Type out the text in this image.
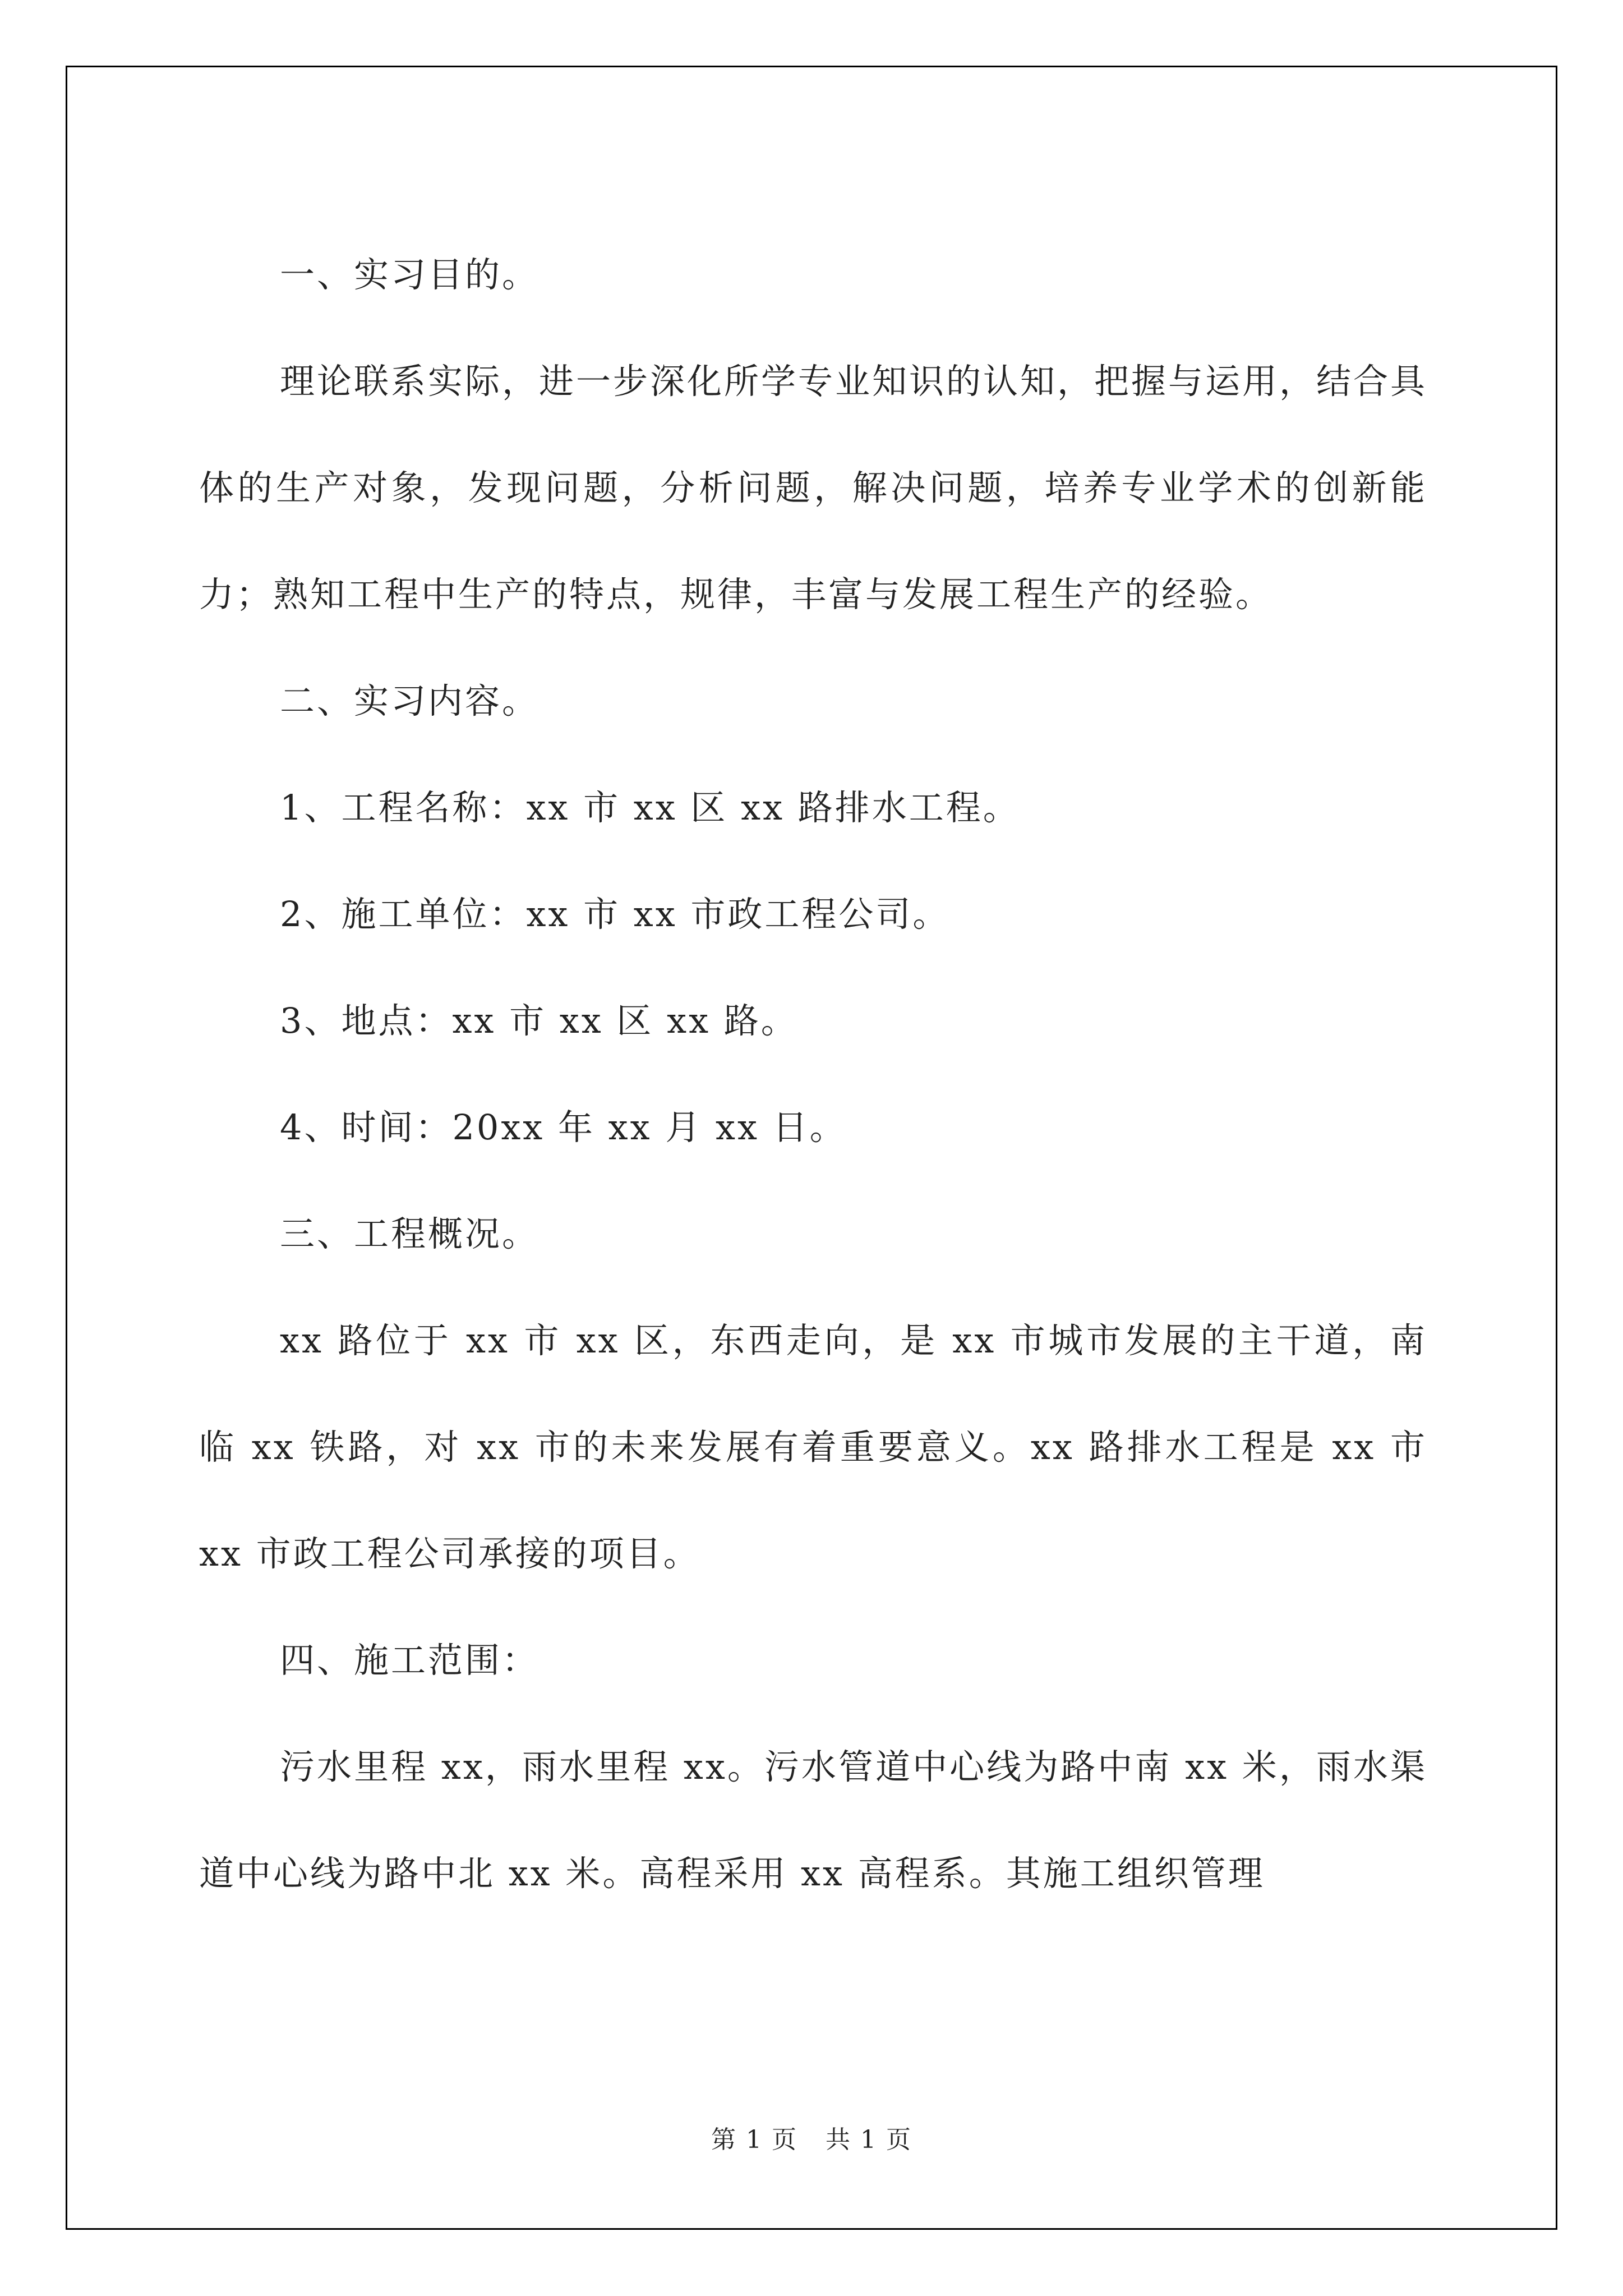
一、实习目的。

理论联系实际，进一步深化所学专业知识的认知，把握与运用，结合具体的生产对象，发现问题，分析问题，解决问题，培养专业学术的创新能力；熟知工程中生产的特点，规律，丰富与发展工程生产的经验。

二、实习内容。

1、工程名称：xx 市 xx 区 xx 路排水工程。

2、施工单位：xx 市 xx 市政工程公司。

3、地点：xx 市 xx 区 xx 路。

4、时间：20xx 年 xx 月 xx 日。

三、工程概况。

xx 路位于 xx 市 xx 区，东西走向，是 xx 市城市发展的主干道，南临 xx 铁路，对 xx 市的未来发展有着重要意义。xx 路排水工程是 xx 市 xx 市政工程公司承接的项目。

四、施工范围：

污水里程 xx，雨水里程 xx。污水管道中心线为路中南 xx 米，雨水渠道中心线为路中北 xx 米。高程采用 xx 高程系。其施工组织管理

第 1 页 共 1 页
